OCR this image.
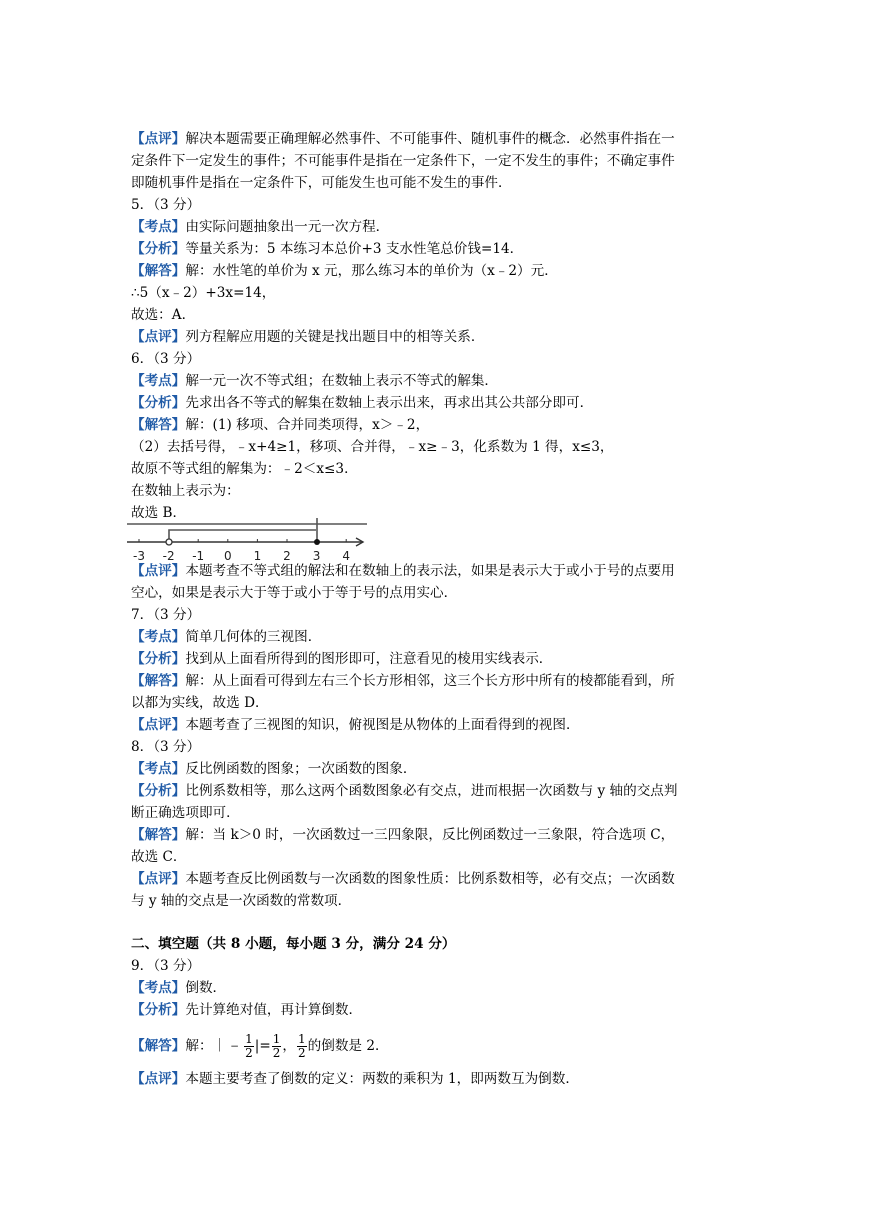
【点评】解决本题需要正确理解必然事件、不可能事件、随机事件的概念．必然事件指在一
定条件下一定发生的事件；不可能事件是指在一定条件下，一定不发生的事件；不确定事件
即随机事件是指在一定条件下，可能发生也可能不发生的事件．
5．（3 分）
【考点】由实际问题抽象出一元一次方程．
【分析】等量关系为：5 本练习本总价+3 支水性笔总价钱=14．
【解答】解：水性笔的单价为 x 元，那么练习本的单价为（x﹣2）元．
∴5（x﹣2）+3x=14，
故选：A．
【点评】列方程解应用题的关键是找出题目中的相等关系．
6．（3 分）
【考点】解一元一次不等式组；在数轴上表示不等式的解集．
【分析】先求出各不等式的解集在数轴上表示出来，再求出其公共部分即可．
【解答】解：(1) 移项、合并同类项得，x＞﹣2，
（2）去括号得，﹣x+4≥1，移项、合并得，﹣x≥﹣3，化系数为 1 得，x≤3，
故原不等式组的解集为：﹣2＜x≤3．
在数轴上表示为：
故选 B．
-3 -2 -1 0 1 2 3 4
【点评】本题考查不等式组的解法和在数轴上的表示法，如果是表示大于或小于号的点要用
空心，如果是表示大于等于或小于等于号的点用实心．
7．（3 分）
【考点】简单几何体的三视图．
【分析】找到从上面看所得到的图形即可，注意看见的棱用实线表示．
【解答】解：从上面看可得到左右三个长方形相邻，这三个长方形中所有的棱都能看到，所
以都为实线，故选 D．
【点评】本题考查了三视图的知识，俯视图是从物体的上面看得到的视图．
8．（3 分）
【考点】反比例函数的图象；一次函数的图象．
【分析】比例系数相等，那么这两个函数图象必有交点，进而根据一次函数与 y 轴的交点判
断正确选项即可．
【解答】解：当 k＞0 时，一次函数过一三四象限，反比例函数过一三象限，符合选项 C，
故选 C．
【点评】本题考查反比例函数与一次函数的图象性质：比例系数相等，必有交点；一次函数
与 y 轴的交点是一次函数的常数项．
二、填空题（共 8 小题，每小题 3 分，满分 24 分）
9．（3 分）
【考点】倒数．
【分析】先计算绝对值，再计算倒数．
【解答】解：｜﹣ $\frac{1}{2}$ |= $\frac{1}{2}$ ， $\frac{1}{2}$ 的倒数是 2．
【点评】本题主要考查了倒数的定义：两数的乘积为 1，即两数互为倒数．
